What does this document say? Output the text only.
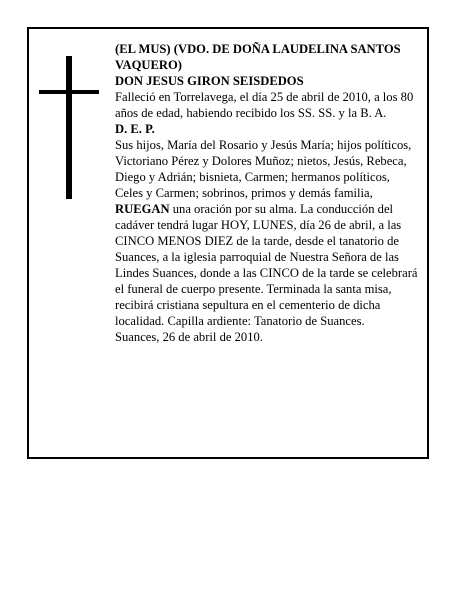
(EL MUS) (VDO. DE DOÑA LAUDELINA SANTOS VAQUERO)

DON JESUS GIRON SEISDEDOS

Falleció en Torrelavega, el día 25 de abril de 2010, a los 80 años de edad, habiendo recibido los SS. SS. y la B. A.

D. E. P.

Sus hijos, María del Rosario y Jesús María; hijos políticos, Victoriano Pérez y Dolores Muñoz; nietos, Jesús, Rebeca, Diego y Adrián; bisnieta, Carmen; hermanos políticos, Celes y Carmen; sobrinos, primos y demás familia,

RUEGAN una oración por su alma. La conducción del cadáver tendrá lugar HOY, LUNES, día 26 de abril, a las CINCO MENOS DIEZ de la tarde, desde el tanatorio de Suances, a la iglesia parroquial de Nuestra Señora de las Lindes Suances, donde a las CINCO de la tarde se celebrará el funeral de cuerpo presente. Terminada la santa misa, recibirá cristiana sepultura en el cementerio de dicha localidad. Capilla ardiente: Tanatorio de Suances.

Suances, 26 de abril de 2010.
